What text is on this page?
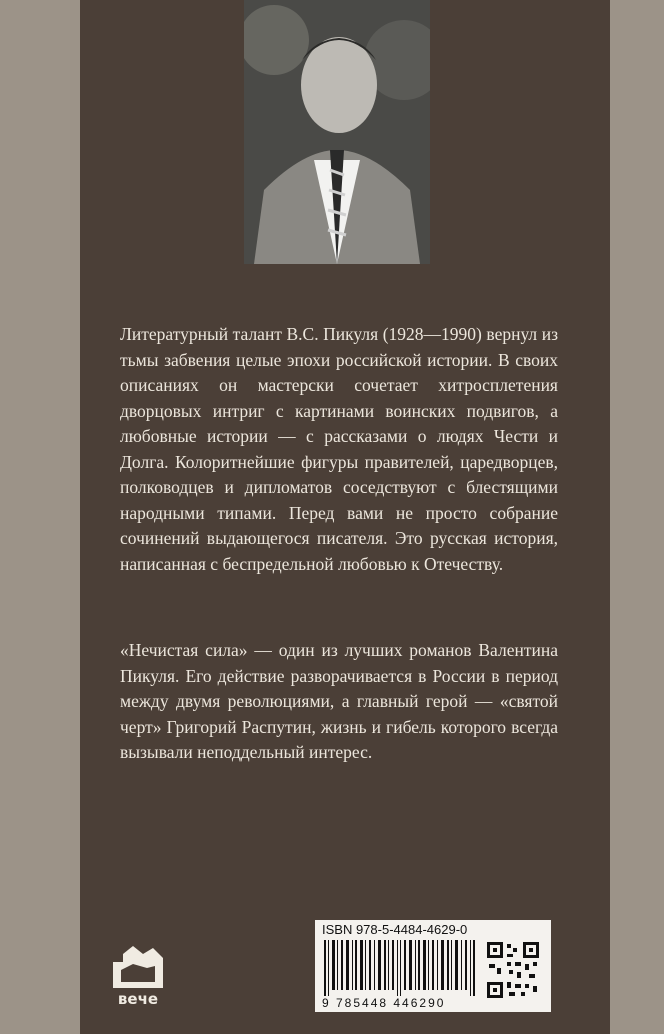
Литературный талант В.С. Пикуля (1928—1990) вернул из тьмы забвения целые эпохи российской истории. В своих описаниях он мастерски сочетает хитросплетения дворцовых интриг с картинами воинских подвигов, а любовные истории — с рассказами о людях Чести и Долга. Колоритнейшие фигуры правителей, царедворцев, полководцев и дипломатов соседствуют с блестящими народными типами. Перед вами не просто собрание сочинений выдающегося писателя. Это русская история, написанная с беспредельной любовью к Отечеству.
«Нечистая сила» — один из лучших романов Валентина Пикуля. Его действие разворачивается в России в период между двумя революциями, а главный герой — «святой черт» Григорий Распутин, жизнь и гибель которого всегда вызывали неподдельный интерес.
вече
ISBN 978-5-4484-4629-0
9 785448 446290
